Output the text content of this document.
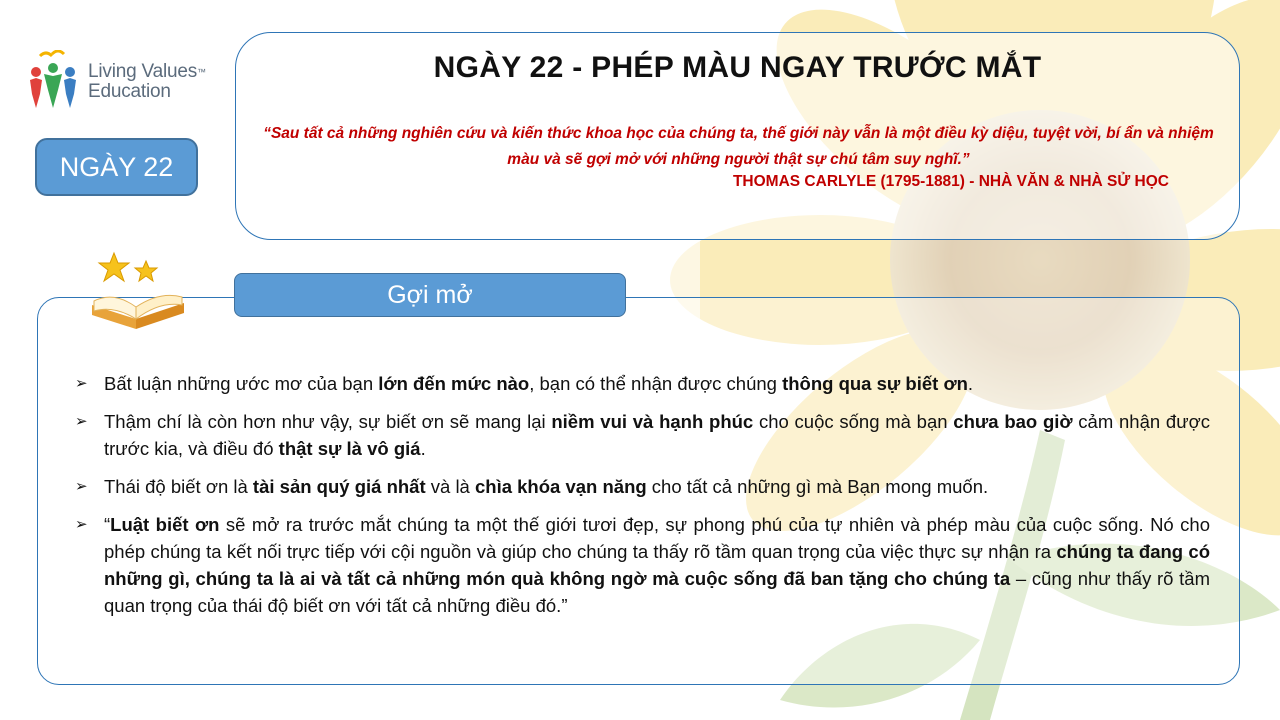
Living Values™
Education
NGÀY 22
NGÀY 22 - PHÉP MÀU NGAY TRƯỚC MẮT
“Sau tất cả những nghiên cứu và kiến thức khoa học của chúng ta, thế giới này vẫn là một điều kỳ diệu, tuyệt vời, bí ẩn và nhiệm màu và sẽ gợi mở với những người thật sự chú tâm suy nghĩ.”
THOMAS CARLYLE (1795-1881) - NHÀ VĂN & NHÀ SỬ HỌC
Gợi mở
➢ Bất luận những ước mơ của bạn lớn đến mức nào, bạn có thể nhận được chúng thông qua sự biết ơn.
➢ Thậm chí là còn hơn như vậy, sự biết ơn sẽ mang lại niềm vui và hạnh phúc cho cuộc sống mà bạn chưa bao giờ cảm nhận được trước kia, và điều đó thật sự là vô giá.
➢ Thái độ biết ơn là tài sản quý giá nhất và là chìa khóa vạn năng cho tất cả những gì mà Bạn mong muốn.
➢ “Luật biết ơn sẽ mở ra trước mắt chúng ta một thế giới tươi đẹp, sự phong phú của tự nhiên và phép màu của cuộc sống. Nó cho phép chúng ta kết nối trực tiếp với cội nguồn và giúp cho chúng ta thấy rõ tầm quan trọng của việc thực sự nhận ra chúng ta đang có những gì, chúng ta là ai và tất cả những món quà không ngờ mà cuộc sống đã ban tặng cho chúng ta – cũng như thấy rõ tầm quan trọng của thái độ biết ơn với tất cả những điều đó.”
